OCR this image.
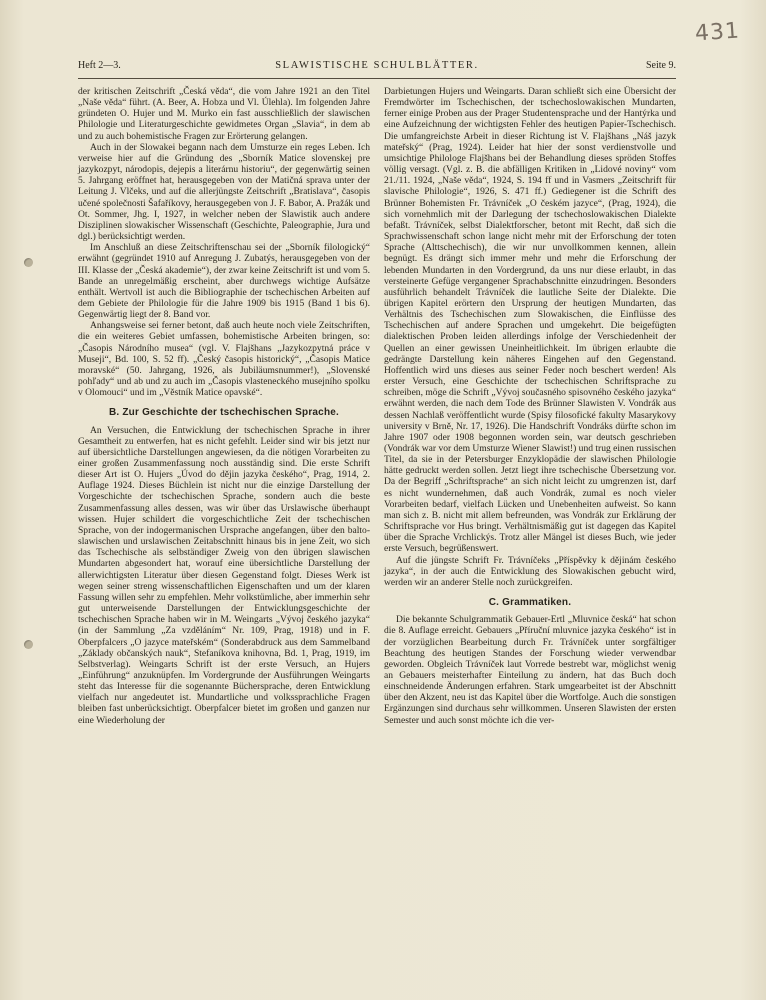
431
Heft 2—3.	SLAWISTISCHE SCHULBLÄTTER.	Seite 9.

der kritischen Zeitschrift „Česká věda“, die vom Jahre 1921 an den Titel „Naše věda“ führt. (A. Beer, A. Hobza und Vl. Úlehla). Im folgenden Jahre gründeten O. Hujer und M. Murko ein fast ausschließlich der slawischen Philologie und Literaturgeschichte gewidmetes Organ „Slavia“, in dem ab und zu auch bohemistische Fragen zur Erörterung gelangen.

Auch in der Slowakei begann nach dem Umsturze ein reges Leben. Ich verweise hier auf die Gründung des „Sborník Matice slovenskej pre jazykozpyt, národopis, dejepis a literárnu historiu“, der gegenwärtig seinen 5. Jahrgang eröffnet hat, herausgegeben von der Matičná sprava unter der Leitung J. Vlčeks, und auf die allerjüngste Zeitschrift „Bratislava“, časopis učené společnosti Šafaříkovy, herausgegeben von J. F. Babor, A. Pražák und Ot. Sommer, Jhg. I, 1927, in welcher neben der Slawistik auch andere Disziplinen slowakischer Wissenschaft (Geschichte, Paleographie, Jura und dgl.) berücksichtigt werden.

Im Anschluß an diese Zeitschriftenschau sei der „Sborník filologický“ erwähnt (gegründet 1910 auf Anregung J. Zubatýs, herausgegeben von der III. Klasse der „Česká akademie“), der zwar keine Zeitschrift ist und vom 5. Bande an unregelmäßig erscheint, aber durchwegs wichtige Aufsätze enthält. Wertvoll ist auch die Bibliographie der tschechischen Arbeiten auf dem Gebiete der Philologie für die Jahre 1909 bis 1915 (Band 1 bis 6). Gegenwärtig liegt der 8. Band vor.

Anhangsweise sei ferner betont, daß auch heute noch viele Zeitschriften, die ein weiteres Gebiet umfassen, bohemistische Arbeiten bringen, so: „Časopis Národního musea“ (vgl. V. Flajšhans „Jazykozpytná práce v Museji“, Bd. 100, S. 52 ff). „Český časopis historický“, „Časopis Matice moravské“ (50. Jahrgang, 1926, als Jubiläumsnummer!), „Slovenské pohľady“ und ab und zu auch im „Časopis vlasteneckého musejního spolku v Olomouci“ und im „Věstník Matice opavské“.

B. Zur Geschichte der tschechischen Sprache.

An Versuchen, die Entwicklung der tschechischen Sprache in ihrer Gesamtheit zu entwerfen, hat es nicht gefehlt. Leider sind wir bis jetzt nur auf übersichtliche Darstellungen angewiesen, da die nötigen Vorarbeiten zu einer großen Zusammenfassung noch ausständig sind. Die erste Schrift dieser Art ist O. Hujers „Úvod do dějin jazyka českého“, Prag, 1914, 2. Auflage 1924. Dieses Büchlein ist nicht nur die einzige Darstellung der Vorgeschichte der tschechischen Sprache, sondern auch die beste Zusammenfassung alles dessen, was wir über das Urslawische überhaupt wissen. Hujer schildert die vorgeschichtliche Zeit der tschechischen Sprache, von der indogermanischen Ursprache angefangen, über den balto-slawischen und urslawischen Zeitabschnitt hinaus bis in jene Zeit, wo sich das Tschechische als selbständiger Zweig von den übrigen slawischen Mundarten abgesondert hat, worauf eine übersichtliche Darstellung der allerwichtigsten Literatur über diesen Gegenstand folgt. Dieses Werk ist wegen seiner streng wissenschaftlichen Eigenschaften und um der klaren Fassung willen sehr zu empfehlen. Mehr volkstümliche, aber immerhin sehr gut unterweisende Darstellungen der Entwicklungsgeschichte der tschechischen Sprache haben wir in M. Weingarts „Vývoj českého jazyka“ (in der Sammlung „Za vzděláním“ Nr. 109, Prag, 1918) und in F. Oberpfalcers „O jazyce mateřském“ (Sonderabdruck aus dem Sammelband „Základy občanských nauk“, Stefaníkova knihovna, Bd. 1, Prag, 1919, im Selbstverlag). Weingarts Schrift ist der erste Versuch, an Hujers „Einführung“ anzuknüpfen. Im Vordergrunde der Ausführungen Weingarts steht das Interesse für die sogenannte Büchersprache, deren Entwicklung vielfach nur angedeutet ist. Mundartliche und volkssprachliche Fragen bleiben fast unberücksichtigt. Oberpfalcer bietet im großen und ganzen nur eine Wiederholung der

Darbietungen Hujers und Weingarts. Daran schließt sich eine Übersicht der Fremdwörter im Tschechischen, der tschechoslowakischen Mundarten, ferner einige Proben aus der Prager Studentensprache und der Hantýrka und eine Aufzeichnung der wichtigsten Fehler des heutigen Papier-Tschechisch. Die umfangreichste Arbeit in dieser Richtung ist V. Flajšhans „Náš jazyk mateřský“ (Prag, 1924). Leider hat hier der sonst verdienstvolle und umsichtige Philologe Flajšhans bei der Behandlung dieses spröden Stoffes völlig versagt. (Vgl. z. B. die abfälligen Kritiken in „Lidové noviny“ vom 21./11. 1924, „Naše věda“, 1924, S. 194 ff und in Vasmers „Zeitschrift für slavische Philologie“, 1926, S. 471 ff.) Gediegener ist die Schrift des Brünner Bohemisten Fr. Trávníček „O českém jazyce“, (Prag, 1924), die sich vornehmlich mit der Darlegung der tschechoslowakischen Dialekte befaßt. Trávníček, selbst Dialektforscher, betont mit Recht, daß sich die Sprachwissenschaft schon lange nicht mehr mit der Erforschung der toten Sprache (Alttschechisch), die wir nur unvollkommen kennen, allein begnügt. Es drängt sich immer mehr und mehr die Erforschung der lebenden Mundarten in den Vordergrund, da uns nur diese erlaubt, in das versteinerte Gefüge vergangener Sprachabschnitte einzudringen. Besonders ausführlich behandelt Trávníček die lautliche Seite der Dialekte. Die übrigen Kapitel erörtern den Ursprung der heutigen Mundarten, das Verhältnis des Tschechischen zum Slowakischen, die Einflüsse des Tschechischen auf andere Sprachen und umgekehrt. Die beigefügten dialektischen Proben leiden allerdings infolge der Verschiedenheit der Quellen an einer gewissen Uneinheitlichkeit. Im übrigen erlaubte die gedrängte Darstellung kein näheres Eingehen auf den Gegenstand. Hoffentlich wird uns dieses aus seiner Feder noch beschert werden! Als erster Versuch, eine Geschichte der tschechischen Schriftsprache zu schreiben, möge die Schrift „Vývoj současného spisovného českého jazyka“ erwähnt werden, die nach dem Tode des Brünner Slawisten V. Vondrák aus dessen Nachlaß veröffentlicht wurde (Spisy filosofické fakulty Masarykovy university v Brně, Nr. 17, 1926). Die Handschrift Vondráks dürfte schon im Jahre 1907 oder 1908 begonnen worden sein, war deutsch geschrieben (Vondrák war vor dem Umsturze Wiener Slawist!) und trug einen russischen Titel, da sie in der Petersburger Enzyklopädie der slawischen Philologie hätte gedruckt werden sollen. Jetzt liegt ihre tschechische Übersetzung vor. Da der Begriff „Schriftsprache“ an sich nicht leicht zu umgrenzen ist, darf es nicht wundernehmen, daß auch Vondrák, zumal es noch vieler Vorarbeiten bedarf, vielfach Lücken und Unebenheiten aufweist. So kann man sich z. B. nicht mit allem befreunden, was Vondrák zur Erklärung der Schriftsprache vor Hus bringt. Verhältnismäßig gut ist dagegen das Kapitel über die Sprache Vrchlickýs. Trotz aller Mängel ist dieses Buch, wie jeder erste Versuch, begrüßenswert.

Auf die jüngste Schrift Fr. Trávníčeks „Příspěvky k dějinám českého jazyka“, in der auch die Entwicklung des Slowakischen gebucht wird, werden wir an anderer Stelle noch zurückgreifen.

C. Grammatiken.

Die bekannte Schulgrammatik Gebauer-Ertl „Mluvnice česká“ hat schon die 8. Auflage erreicht. Gebauers „Příruční mluvnice jazyka českého“ ist in der vorzüglichen Bearbeitung durch Fr. Trávníček unter sorgfältiger Beachtung des heutigen Standes der Forschung wieder verwendbar geworden. Obgleich Trávníček laut Vorrede bestrebt war, möglichst wenig an Gebauers meisterhafter Einteilung zu ändern, hat das Buch doch einschneidende Änderungen erfahren. Stark umgearbeitet ist der Abschnitt über den Akzent, neu ist das Kapitel über die Wortfolge. Auch die sonstigen Ergänzungen sind durchaus sehr willkommen. Unseren Slawisten der ersten Semester und auch sonst möchte ich die ver-
